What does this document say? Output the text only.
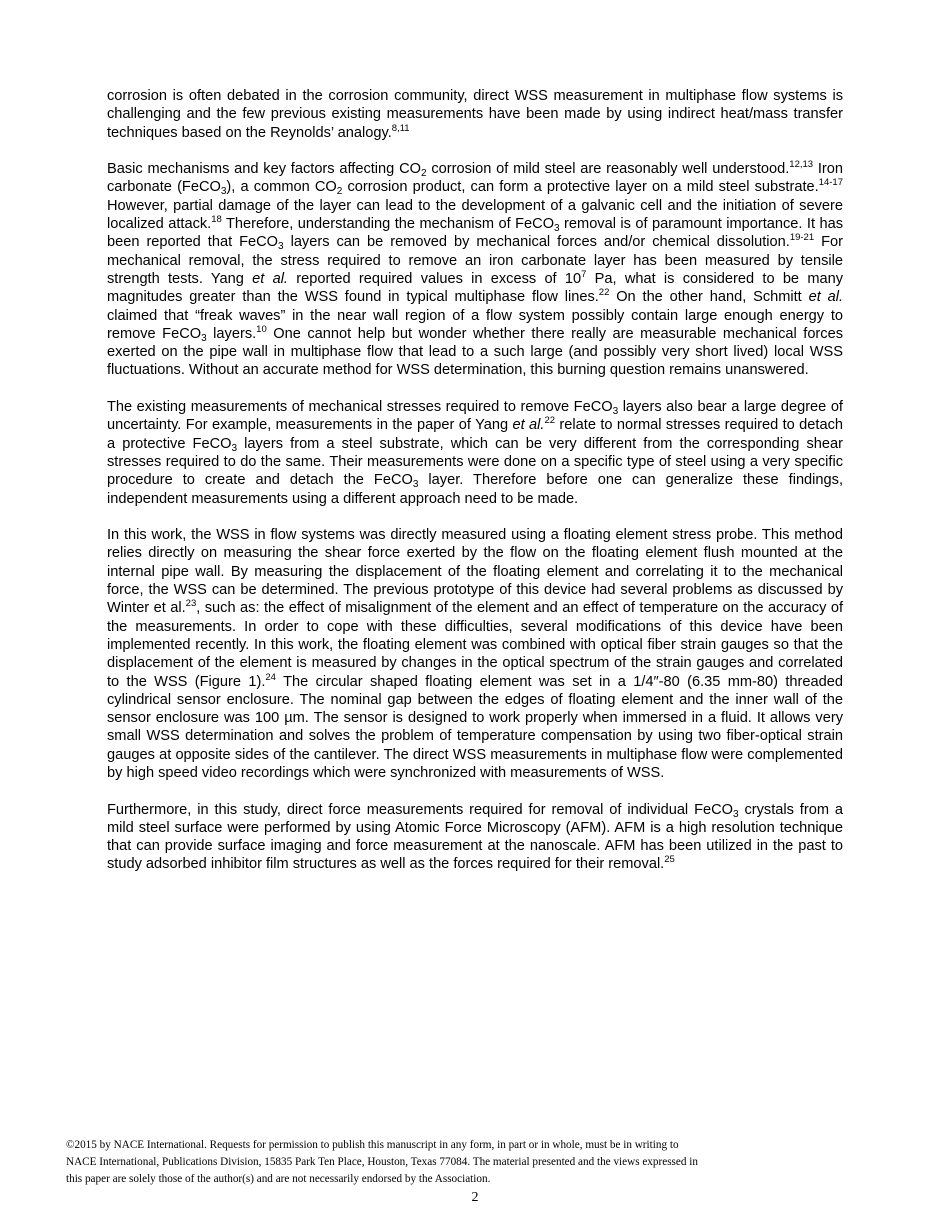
corrosion is often debated in the corrosion community, direct WSS measurement in multiphase flow systems is challenging and the few previous existing measurements have been made by using indirect heat/mass transfer techniques based on the Reynolds’ analogy.$^{8,11}$

Basic mechanisms and key factors affecting $CO_2$ corrosion of mild steel are reasonably well understood.$^{12,13}$ Iron carbonate (FeCO$_3$), a common $CO_2$ corrosion product, can form a protective layer on a mild steel substrate.$^{14-17}$ However, partial damage of the layer can lead to the development of a galvanic cell and the initiation of severe localized attack.$^{18}$ Therefore, understanding the mechanism of FeCO$_3$ removal is of paramount importance. It has been reported that FeCO$_3$ layers can be removed by mechanical forces and/or chemical dissolution.$^{19-21}$ For mechanical removal, the stress required to remove an iron carbonate layer has been measured by tensile strength tests. Yang et al. reported required values in excess of $10^7$ Pa, what is considered to be many magnitudes greater than the WSS found in typical multiphase flow lines.$^{22}$ On the other hand, Schmitt et al. claimed that “freak waves” in the near wall region of a flow system possibly contain large enough energy to remove FeCO$_3$ layers.$^{10}$ One cannot help but wonder whether there really are measurable mechanical forces exerted on the pipe wall in multiphase flow that lead to a such large (and possibly very short lived) local WSS fluctuations. Without an accurate method for WSS determination, this burning question remains unanswered.

The existing measurements of mechanical stresses required to remove FeCO$_3$ layers also bear a large degree of uncertainty. For example, measurements in the paper of Yang et al.$^{22}$ relate to normal stresses required to detach a protective FeCO$_3$ layers from a steel substrate, which can be very different from the corresponding shear stresses required to do the same. Their measurements were done on a specific type of steel using a very specific procedure to create and detach the FeCO$_3$ layer. Therefore before one can generalize these findings, independent measurements using a different approach need to be made.

In this work, the WSS in flow systems was directly measured using a floating element stress probe. This method relies directly on measuring the shear force exerted by the flow on the floating element flush mounted at the internal pipe wall. By measuring the displacement of the floating element and correlating it to the mechanical force, the WSS can be determined. The previous prototype of this device had several problems as discussed by Winter et al.$^{23}$, such as: the effect of misalignment of the element and an effect of temperature on the accuracy of the measurements. In order to cope with these difficulties, several modifications of this device have been implemented recently. In this work, the floating element was combined with optical fiber strain gauges so that the displacement of the element is measured by changes in the optical spectrum of the strain gauges and correlated to the WSS (Figure 1).$^{24}$ The circular shaped floating element was set in a 1/4″-80 (6.35 mm-80) threaded cylindrical sensor enclosure. The nominal gap between the edges of floating element and the inner wall of the sensor enclosure was 100 µm. The sensor is designed to work properly when immersed in a fluid. It allows very small WSS determination and solves the problem of temperature compensation by using two fiber-optical strain gauges at opposite sides of the cantilever. The direct WSS measurements in multiphase flow were complemented by high speed video recordings which were synchronized with measurements of WSS.

Furthermore, in this study, direct force measurements required for removal of individual FeCO$_3$ crystals from a mild steel surface were performed by using Atomic Force Microscopy (AFM). AFM is a high resolution technique that can provide surface imaging and force measurement at the nanoscale. AFM has been utilized in the past to study adsorbed inhibitor film structures as well as the forces required for their removal.$^{25}$

©2015 by NACE International. Requests for permission to publish this manuscript in any form, in part or in whole, must be in writing to

NACE International, Publications Division, 15835 Park Ten Place, Houston, Texas 77084. The material presented and the views expressed in

this paper are solely those of the author(s) and are not necessarily endorsed by the Association.

2
